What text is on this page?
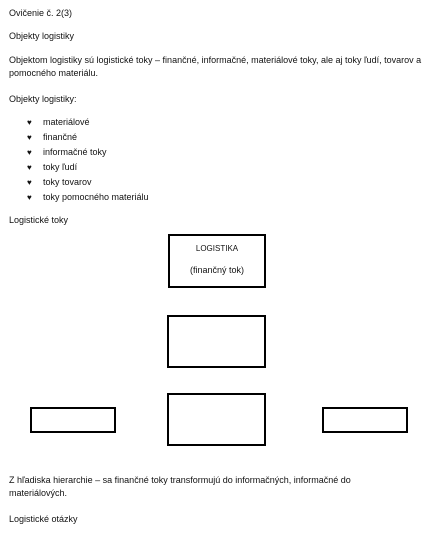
Ovičenie č. 2(3)
Objekty logistiky
Objektom logistiky sú logistické toky – finančné, informačné, materiálové toky, ale aj toky ľudí, tovarov a pomocného materiálu.
Objekty logistiky:
♥ materiálové
♥ finančné
♥ informačné toky
♥ toky ľudí
♥ toky tovarov
♥ toky pomocného materiálu
Logistické toky
LOGISTIKA
(finančný tok)
Z hľadiska hierarchie – sa finančné toky transformujú do informačných, informačné do materiálových.
Logistické otázky
